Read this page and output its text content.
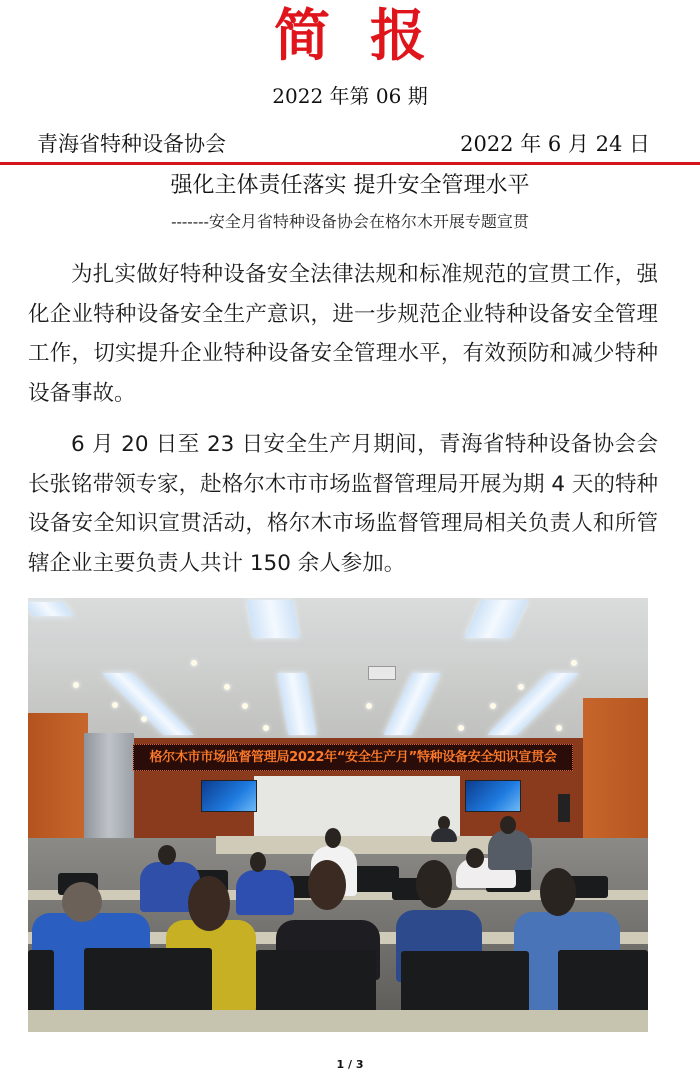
简报
2022 年第 06 期
青海省特种设备协会	2022 年 6 月 24 日
强化主体责任落实 提升安全管理水平
-------安全月省特种设备协会在格尔木开展专题宣贯
为扎实做好特种设备安全法律法规和标准规范的宣贯工作，强化企业特种设备安全生产意识，进一步规范企业特种设备安全管理工作，切实提升企业特种设备安全管理水平，有效预防和减少特种设备事故。
6 月 20 日至 23 日安全生产月期间，青海省特种设备协会会长张铭带领专家，赴格尔木市市场监督管理局开展为期 4 天的特种设备安全知识宣贯活动，格尔木市场监督管理局相关负责人和所管辖企业主要负责人共计 150 余人参加。
格尔木市市场监督管理局2022年“安全生产月”特种设备安全知识宣贯会
1 / 3
